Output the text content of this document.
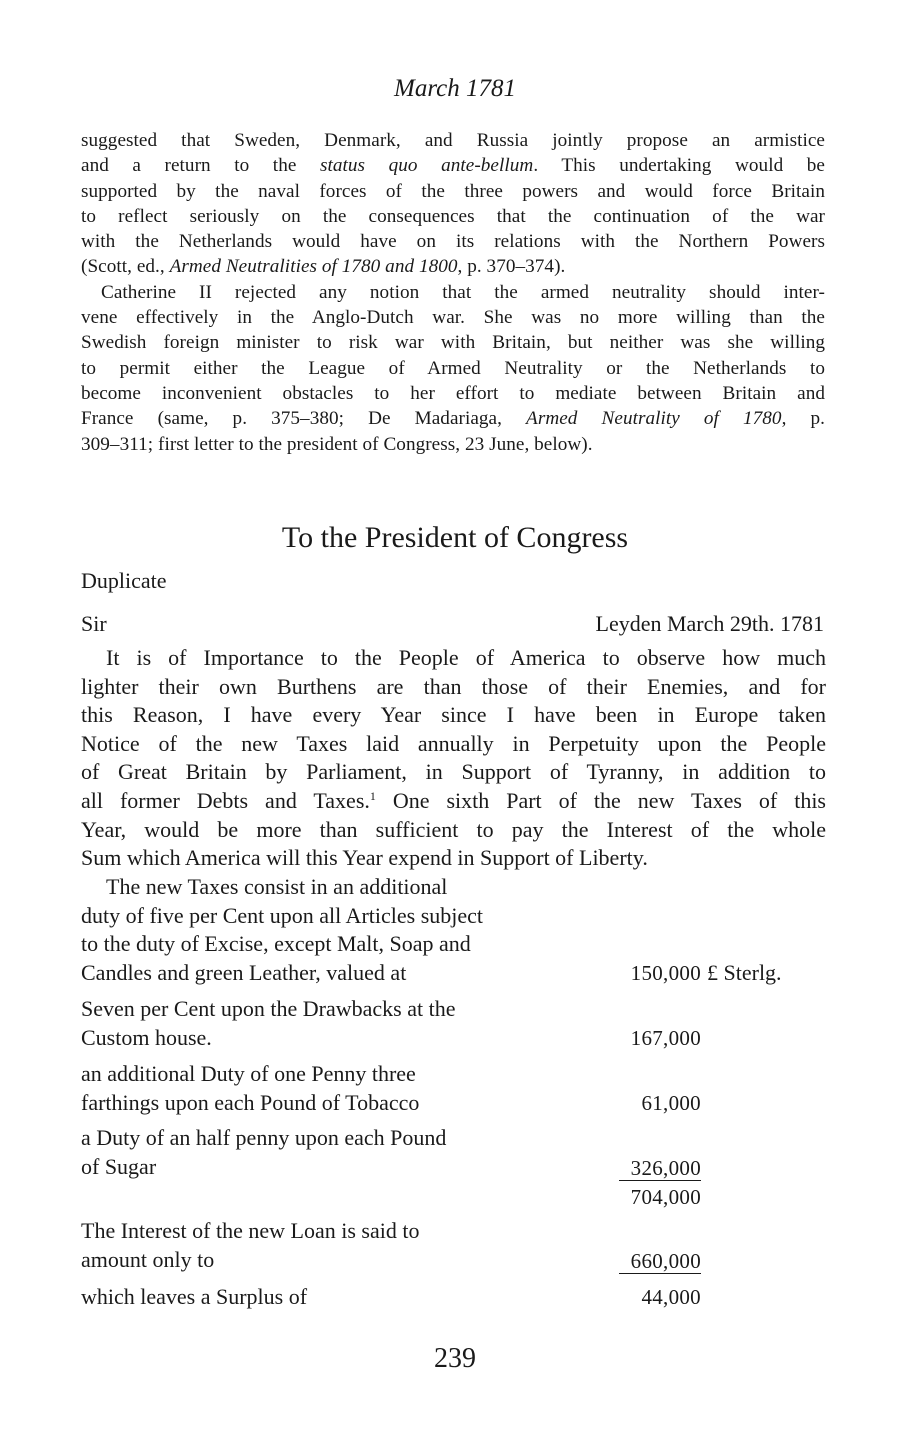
March 1781

suggested that Sweden, Denmark, and Russia jointly propose an armistice
and a return to the status quo ante-bellum. This undertaking would be
supported by the naval forces of the three powers and would force Britain
to reflect seriously on the consequences that the continuation of the war
with the Netherlands would have on its relations with the Northern Powers
(Scott, ed., Armed Neutralities of 1780 and 1800, p. 370–374).

Catherine II rejected any notion that the armed neutrality should inter-
vene effectively in the Anglo-Dutch war. She was no more willing than the
Swedish foreign minister to risk war with Britain, but neither was she willing
to permit either the League of Armed Neutrality or the Netherlands to
become inconvenient obstacles to her effort to mediate between Britain and
France (same, p. 375–380; De Madariaga, Armed Neutrality of 1780, p.
309–311; first letter to the president of Congress, 23 June, below).

To the President of Congress
Duplicate
Sir	Leyden March 29th. 1781
It is of Importance to the People of America to observe how much
lighter their own Burthens are than those of their Enemies, and for
this Reason, I have every Year since I have been in Europe taken
Notice of the new Taxes laid annually in Perpetuity upon the People
of Great Britain by Parliament, in Support of Tyranny, in addition to
all former Debts and Taxes.$^1$ One sixth Part of the new Taxes of this
Year, would be more than sufficient to pay the Interest of the whole
Sum which America will this Year expend in Support of Liberty.
The new Taxes consist in an additional
duty of five per Cent upon all Articles subject
to the duty of Excise, except Malt, Soap and
Candles and green Leather, valued at	150,000 £ Sterlg.
Seven per Cent upon the Drawbacks at the
Custom house.	167,000
an additional Duty of one Penny three
farthings upon each Pound of Tobacco	61,000
a Duty of an half penny upon each Pound
of Sugar	326,000
704,000
The Interest of the new Loan is said to
amount only to	660,000
which leaves a Surplus of	44,000
239
